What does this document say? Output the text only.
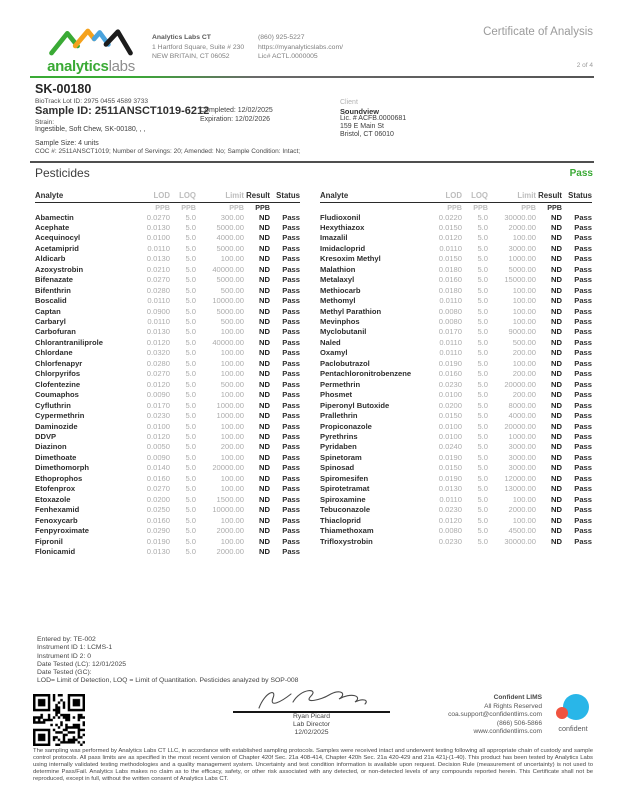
analyticslabs
Analytics Labs CT
1 Hartford Square, Suite # 230
NEW BRITAIN, CT 06052
(860) 925-5227
https://myanalyticslabs.com/
Lic# ACTL.0000005
Certificate of Analysis
2 of 4
SK-00180
BioTrack Lot ID: 2975 0455 4589 3733
Sample ID: 2511ANSCT1019-6212
Completed: 12/02/2025
Expiration: 12/02/2026
Strain:
Ingestible, Soft Chew, SK-00180, , ,
Client
Soundview
Lic. # ACFB.0000681
159 E Main St
Bristol, CT 06010
Sample Size: 4 units
COC #: 2511ANSCT1019; Number of Servings: 20; Amended: No; Sample Condition: Intact;
Pesticides	Pass
Analyte	LOD	LOQ	Limit	Result	Status
	PPB	PPB	PPB	PPB	
Abamectin	0.0270	5.0	300.00	ND	Pass
Acephate	0.0130	5.0	5000.00	ND	Pass
Acequinocyl	0.0100	5.0	4000.00	ND	Pass
Acetamiprid	0.0110	5.0	5000.00	ND	Pass
Aldicarb	0.0130	5.0	100.00	ND	Pass
Azoxystrobin	0.0210	5.0	40000.00	ND	Pass
Bifenazate	0.0270	5.0	5000.00	ND	Pass
Bifenthrin	0.0280	5.0	500.00	ND	Pass
Boscalid	0.0110	5.0	10000.00	ND	Pass
Captan	0.0900	5.0	5000.00	ND	Pass
Carbaryl	0.0110	5.0	500.00	ND	Pass
Carbofuran	0.0130	5.0	100.00	ND	Pass
Chlorantraniliprole	0.0120	5.0	40000.00	ND	Pass
Chlordane	0.0320	5.0	100.00	ND	Pass
Chlorfenapyr	0.0280	5.0	100.00	ND	Pass
Chlorpyrifos	0.0270	5.0	100.00	ND	Pass
Clofentezine	0.0120	5.0	500.00	ND	Pass
Coumaphos	0.0090	5.0	100.00	ND	Pass
Cyfluthrin	0.0170	5.0	1000.00	ND	Pass
Cypermethrin	0.0230	5.0	1000.00	ND	Pass
Daminozide	0.0100	5.0	100.00	ND	Pass
DDVP	0.0120	5.0	100.00	ND	Pass
Diazinon	0.0050	5.0	200.00	ND	Pass
Dimethoate	0.0090	5.0	100.00	ND	Pass
Dimethomorph	0.0140	5.0	20000.00	ND	Pass
Ethoprophos	0.0160	5.0	100.00	ND	Pass
Etofenprox	0.0270	5.0	100.00	ND	Pass
Etoxazole	0.0200	5.0	1500.00	ND	Pass
Fenhexamid	0.0250	5.0	10000.00	ND	Pass
Fenoxycarb	0.0160	5.0	100.00	ND	Pass
Fenpyroximate	0.0290	5.0	2000.00	ND	Pass
Fipronil	0.0190	5.0	100.00	ND	Pass
Flonicamid	0.0130	5.0	2000.00	ND	Pass
Analyte	LOD	LOQ	Limit	Result	Status
	PPB	PPB	PPB	PPB	
Fludioxonil	0.0220	5.0	30000.00	ND	Pass
Hexythiazox	0.0150	5.0	2000.00	ND	Pass
Imazalil	0.0120	5.0	100.00	ND	Pass
Imidacloprid	0.0110	5.0	3000.00	ND	Pass
Kresoxim Methyl	0.0150	5.0	1000.00	ND	Pass
Malathion	0.0180	5.0	5000.00	ND	Pass
Metalaxyl	0.0160	5.0	15000.00	ND	Pass
Methiocarb	0.0180	5.0	100.00	ND	Pass
Methomyl	0.0110	5.0	100.00	ND	Pass
Methyl Parathion	0.0080	5.0	100.00	ND	Pass
Mevinphos	0.0080	5.0	100.00	ND	Pass
Myclobutanil	0.0170	5.0	9000.00	ND	Pass
Naled	0.0110	5.0	500.00	ND	Pass
Oxamyl	0.0110	5.0	200.00	ND	Pass
Paclobutrazol	0.0190	5.0	100.00	ND	Pass
Pentachloronitrobenzene	0.0160	5.0	200.00	ND	Pass
Permethrin	0.0230	5.0	20000.00	ND	Pass
Phosmet	0.0100	5.0	200.00	ND	Pass
Piperonyl Butoxide	0.0200	5.0	8000.00	ND	Pass
Prallethrin	0.0150	5.0	4000.00	ND	Pass
Propiconazole	0.0100	5.0	20000.00	ND	Pass
Pyrethrins	0.0100	5.0	1000.00	ND	Pass
Pyridaben	0.0240	5.0	3000.00	ND	Pass
Spinetoram	0.0190	5.0	3000.00	ND	Pass
Spinosad	0.0150	5.0	3000.00	ND	Pass
Spiromesifen	0.0190	5.0	12000.00	ND	Pass
Spirotetramat	0.0130	5.0	13000.00	ND	Pass
Spiroxamine	0.0110	5.0	100.00	ND	Pass
Tebuconazole	0.0230	5.0	2000.00	ND	Pass
Thiacloprid	0.0120	5.0	100.00	ND	Pass
Thiamethoxam	0.0080	5.0	4500.00	ND	Pass
Trifloxystrobin	0.0230	5.0	30000.00	ND	Pass
Entered by: TE-002
Instrument ID 1: LCMS-1
Instrument ID 2: 0
Date Tested (LC): 12/01/2025
Date Tested (GC):
LOD= Limit of Detection, LOQ = Limit of Quantitation. Pesticides analyzed by SOP-008
Ryan Picard
Lab Director
12/02/2025
Confident LIMS
All Rights Reserved
coa.support@confidentlims.com
(866) 506-5866
www.confidentlims.com	confident
The sampling was performed by Analytics Labs CT LLC, in accordance with established sampling protocols. Samples were received intact and underwent testing following all appropriate chain of custody and sample control protocols. All pass limits are as specified in the most recent version of Chapter 420f Sec. 21a 408-414, Chapter 420h Sec. 21a 420-429 and 21a 421j-(1-40). This product has been tested by Analytics Labs using internally validated testing methodologies and a quality management system. Uncertainty and test condition information is available upon request. Decision Rule (measurement of uncertainty) is not used to determine Pass/Fail. Analytics Labs makes no claim as to the efficacy, safety, or other risk associated with any detected, or non-detected levels of any compounds reported herein. This Certificate shall not be reproduced, except in full, without the written consent of Analytics Labs CT.
